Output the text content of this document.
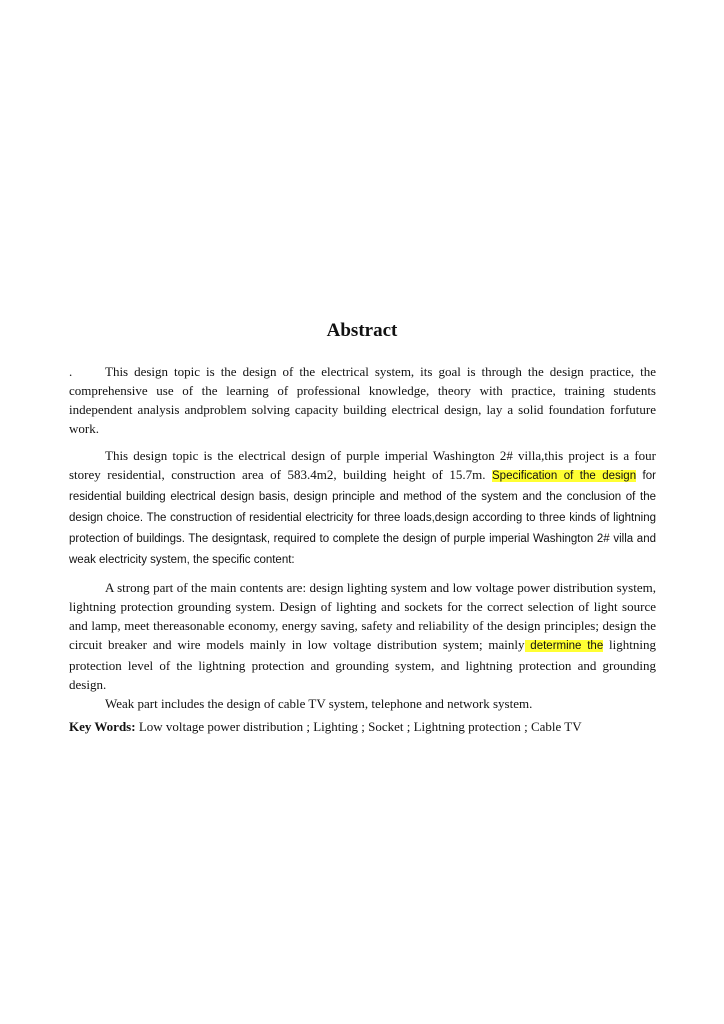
Abstract

.	This design topic is the design of the electrical system, its goal is through the design practice, the comprehensive use of the learning of professional knowledge, theory with practice, training students independent analysis andproblem solving capacity building electrical design, lay a solid foundation forfuture work.

This design topic is the electrical design of purple imperial Washington 2# villa,this project is a four storey residential, construction area of 583.4m2, building height of 15.7m. Specification of the design for residential building electrical design basis, design principle and method of the system and the conclusion of the design choice. The construction of residential electricity for three loads,design according to three kinds of lightning protection of buildings. The designtask, required to complete the design of purple imperial Washington 2# villa and weak electricity system, the specific content:

A strong part of the main contents are: design lighting system and low voltage power distribution system, lightning protection grounding system. Design of lighting and sockets for the correct selection of light source and lamp, meet thereasonable economy, energy saving, safety and reliability of the design principles; design the circuit breaker and wire models mainly in low voltage distribution system; mainly determine the lightning protection level of the lightning protection and grounding system, and lightning protection and grounding design.

Weak part includes the design of cable TV system, telephone and network system.

Key Words: Low voltage power distribution ; Lighting ; Socket ; Lightning protection ; Cable TV
